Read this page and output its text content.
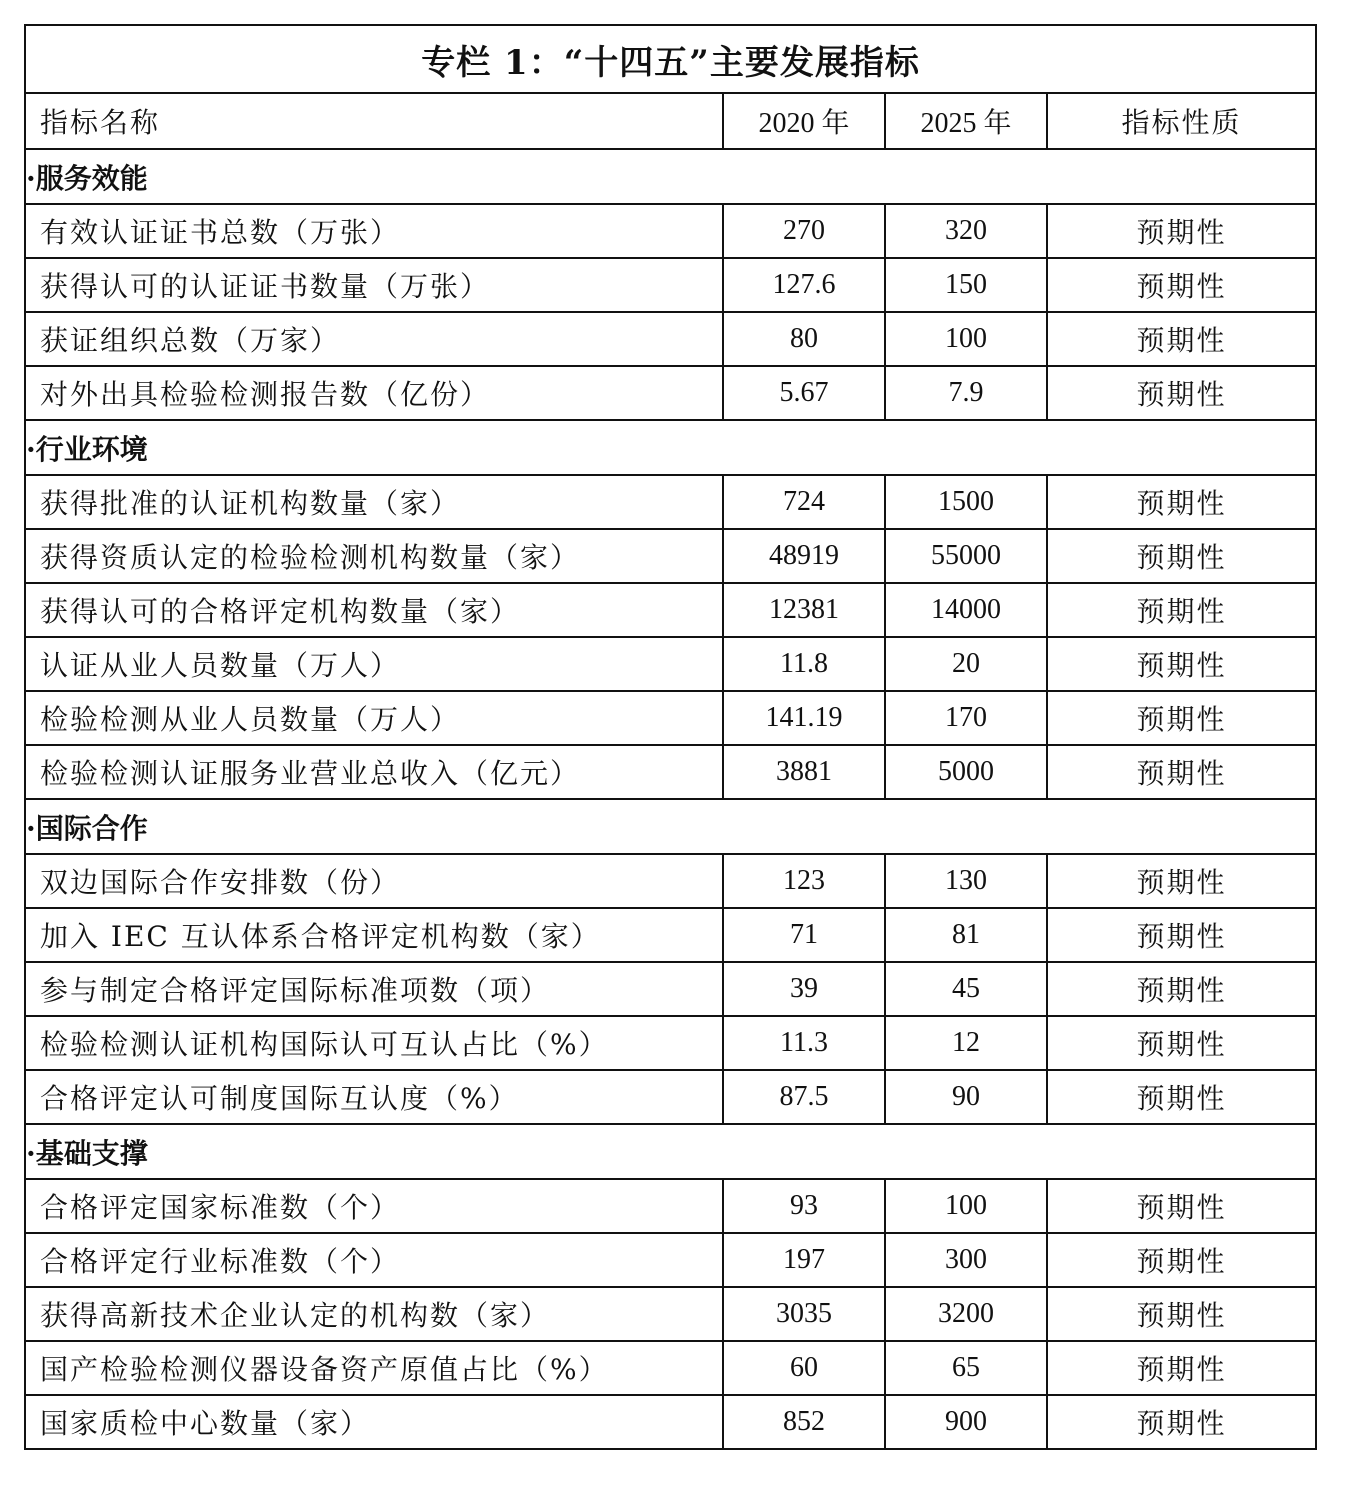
专栏 1：“十四五”主要发展指标			
指标名称	2020 年	2025 年	指标性质
·服务效能			
有效认证证书总数（万张）	270	320	预期性
获得认可的认证证书数量（万张）	127.6	150	预期性
获证组织总数（万家）	80	100	预期性
对外出具检验检测报告数（亿份）	5.67	7.9	预期性
·行业环境			
获得批准的认证机构数量（家）	724	1500	预期性
获得资质认定的检验检测机构数量（家）	48919	55000	预期性
获得认可的合格评定机构数量（家）	12381	14000	预期性
认证从业人员数量（万人）	11.8	20	预期性
检验检测从业人员数量（万人）	141.19	170	预期性
检验检测认证服务业营业总收入（亿元）	3881	5000	预期性
·国际合作			
双边国际合作安排数（份）	123	130	预期性
加入 IEC 互认体系合格评定机构数（家）	71	81	预期性
参与制定合格评定国际标准项数（项）	39	45	预期性
检验检测认证机构国际认可互认占比（%）	11.3	12	预期性
合格评定认可制度国际互认度（%）	87.5	90	预期性
·基础支撑			
合格评定国家标准数（个）	93	100	预期性
合格评定行业标准数（个）	197	300	预期性
获得高新技术企业认定的机构数（家）	3035	3200	预期性
国产检验检测仪器设备资产原值占比（%）	60	65	预期性
国家质检中心数量（家）	852	900	预期性
